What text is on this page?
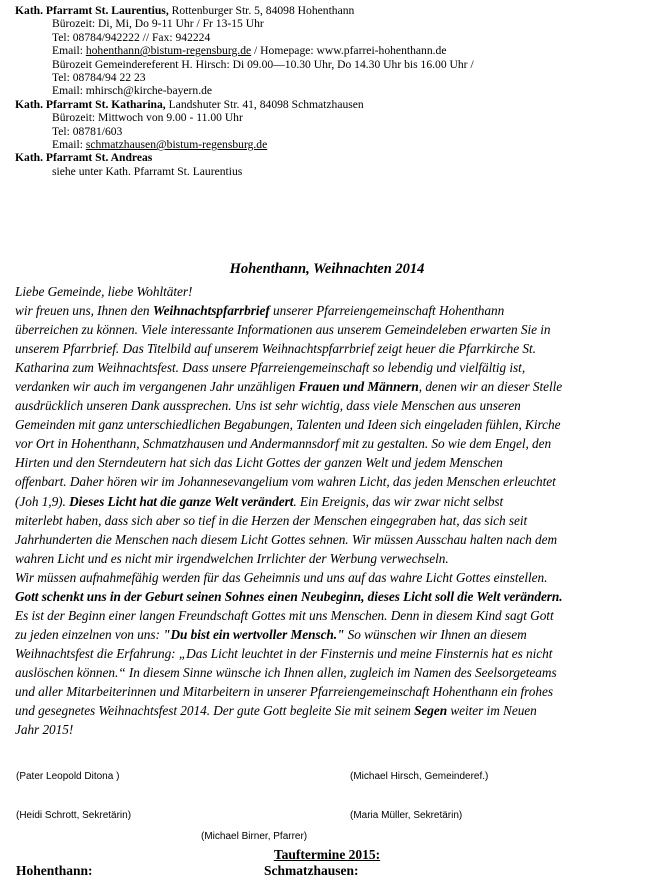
Kath. Pfarramt St. Laurentius, Rottenburger Str. 5, 84098 Hohenthann
Bürozeit: Di, Mi, Do 9-11 Uhr / Fr 13-15 Uhr
Tel: 08784/942222 // Fax: 942224
Email: hohenthann@bistum-regensburg.de / Homepage: www.pfarrei-hohenthann.de
Bürozeit Gemeindereferent H. Hirsch: Di 09.00—10.30 Uhr, Do 14.30 Uhr bis 16.00 Uhr /
Tel: 08784/94 22 23
Email: mhirsch@kirche-bayern.de
Kath. Pfarramt St. Katharina, Landshuter Str. 41, 84098 Schmatzhausen
Bürozeit: Mittwoch von 9.00 - 11.00 Uhr
Tel: 08781/603
Email: schmatzhausen@bistum-regensburg.de
Kath. Pfarramt St. Andreas
siehe unter Kath. Pfarramt St. Laurentius
Hohenthann, Weihnachten 2014
Liebe Gemeinde, liebe Wohltäter!
wir freuen uns, Ihnen den Weihnachtspfarrbrief unserer Pfarreiengemeinschaft Hohenthann
überreichen zu können. Viele interessante Informationen aus unserem Gemeindeleben erwarten Sie in
unserem Pfarrbrief. Das Titelbild auf unserem Weihnachtspfarrbrief zeigt heuer die Pfarrkirche St.
Katharina zum Weihnachtsfest. Dass unsere Pfarreiengemeinschaft so lebendig und vielfältig ist,
verdanken wir auch im vergangenen Jahr unzähligen Frauen und Männern, denen wir an dieser Stelle
ausdrücklich unseren Dank aussprechen. Uns ist sehr wichtig, dass viele Menschen aus unseren
Gemeinden mit ganz unterschiedlichen Begabungen, Talenten und Ideen sich eingeladen fühlen, Kirche
vor Ort in Hohenthann, Schmatzhausen und Andermannsdorf mit zu gestalten. So wie dem Engel, den
Hirten und den Sterndeutern hat sich das Licht Gottes der ganzen Welt und jedem Menschen
offenbart. Daher hören wir im Johannesevangelium vom wahren Licht, das jeden Menschen erleuchtet
(Joh 1,9). Dieses Licht hat die ganze Welt verändert. Ein Ereignis, das wir zwar nicht selbst
miterlebt haben, dass sich aber so tief in die Herzen der Menschen eingegraben hat, das sich seit
Jahrhunderten die Menschen nach diesem Licht Gottes sehnen. Wir müssen Ausschau halten nach dem
wahren Licht und es nicht mir irgendwelchen Irrlichter der Werbung verwechseln.
Wir müssen aufnahmefähig werden für das Geheimnis und uns auf das wahre Licht Gottes einstellen.
Gott schenkt uns in der Geburt seinen Sohnes einen Neubeginn, dieses Licht soll die Welt verändern.
Es ist der Beginn einer langen Freundschaft Gottes mit uns Menschen. Denn in diesem Kind sagt Gott
zu jeden einzelnen von uns: "Du bist ein wertvoller Mensch." So wünschen wir Ihnen an diesem
Weihnachtsfest die Erfahrung: „Das Licht leuchtet in der Finsternis und meine Finsternis hat es nicht
auslöschen können.“ In diesem Sinne wünsche ich Ihnen allen, zugleich im Namen des Seelsorgeteams
und aller Mitarbeiterinnen und Mitarbeitern in unserer Pfarreiengemeinschaft Hohenthann ein frohes
und gesegnetes Weihnachtsfest 2014. Der gute Gott begleite Sie mit seinem Segen weiter im Neuen
Jahr 2015!
(Pater Leopold Ditona )	(Michael Hirsch, Gemeinderef.)
(Heidi Schrott, Sekretärin)	(Maria Müller, Sekretärin)
(Michael Birner, Pfarrer)
Tauftermine 2015:
Hohenthann:	Schmatzhausen:
